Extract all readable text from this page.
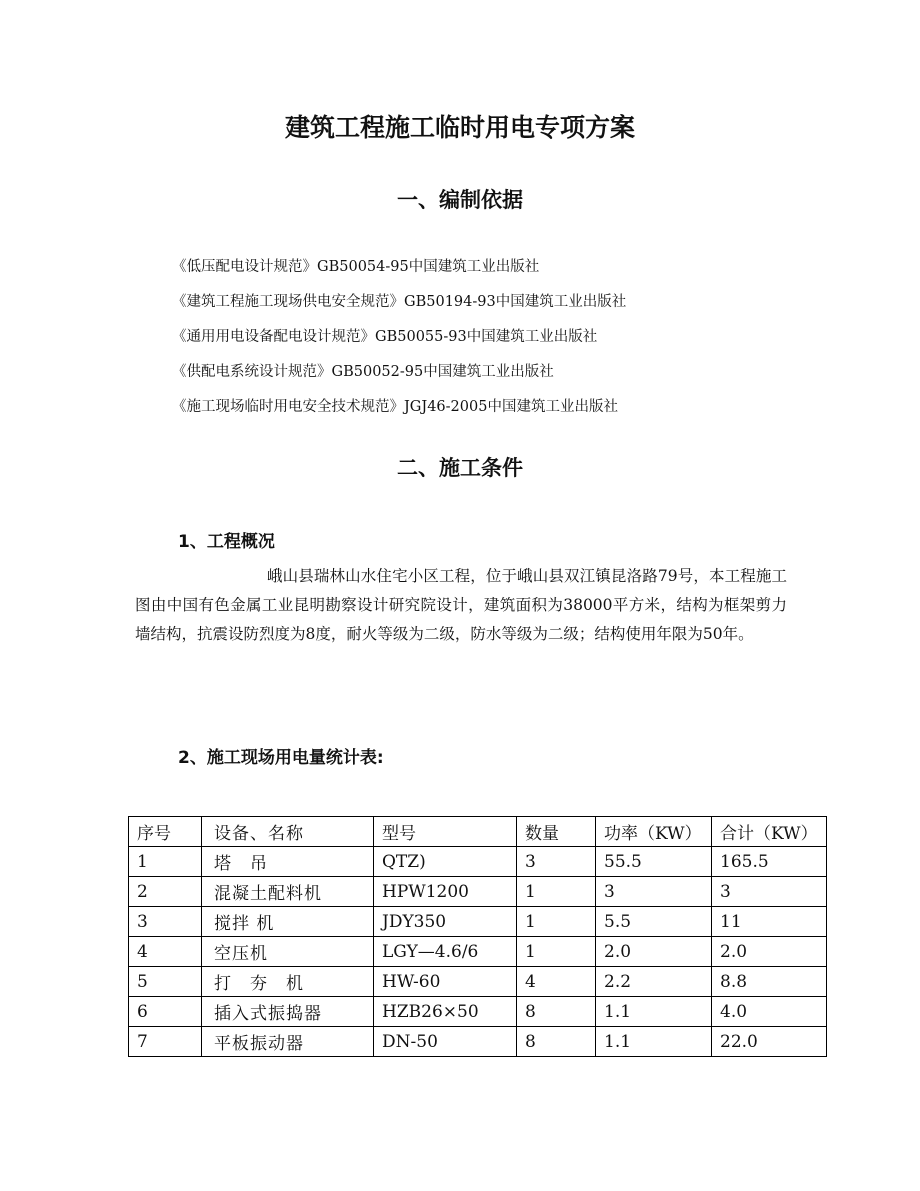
建筑工程施工临时用电专项方案
一、编制依据
《低压配电设计规范》GB50054-95中国建筑工业出版社
《建筑工程施工现场供电安全规范》GB50194-93中国建筑工业出版社
《通用用电设备配电设计规范》GB50055-93中国建筑工业出版社
《供配电系统设计规范》GB50052-95中国建筑工业出版社
《施工现场临时用电安全技术规范》JGJ46-2005中国建筑工业出版社
二、施工条件
1、工程概况

峨山县瑞林山水住宅小区工程，位于峨山县双江镇昆洛路79号，本工程施工图由中国有色金属工业昆明勘察设计研究院设计，建筑面积为38000平方米，结构为框架剪力墙结构，抗震设防烈度为8度，耐火等级为二级，防水等级为二级；结构使用年限为50年。

2、施工现场用电量统计表:
序号	设备、名称	型号	数量	功率（KW）	合计（KW）
1	塔　吊	QTZ)	3	55.5	165.5
2	混凝土配料机	HPW1200	1	3	3
3	搅拌 机	JDY350	1	5.5	11
4	空压机	LGY—4.6/6	1	2.0	2.0
5	打　夯　机	HW-60	4	2.2	8.8
6	插入式振捣器	HZB26×50	8	1.1	4.0
7	平板振动器	DN-50	8	1.1	22.0
